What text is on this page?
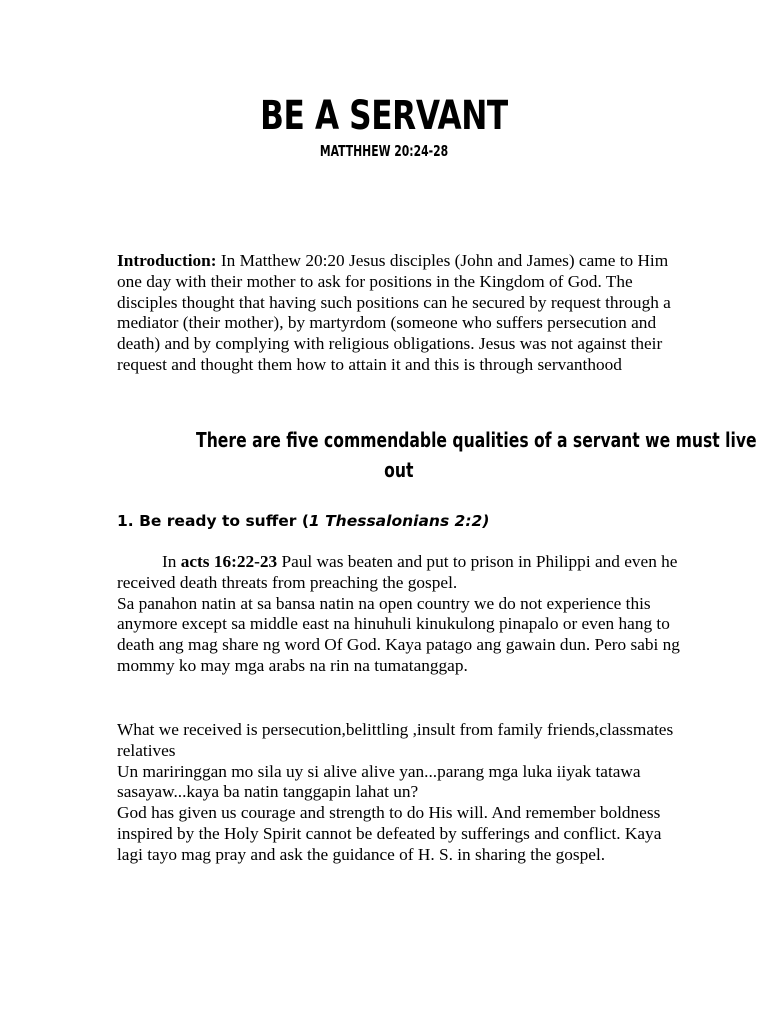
BE A SERVANT
MATTHHEW 20:24-28

Introduction: In Matthew 20:20 Jesus disciples (John and James) came to Him one day with their mother to ask for positions in the Kingdom of God. The disciples thought that having such positions can he secured by request through a mediator (their mother), by martyrdom (someone who suffers persecution and death) and by complying with religious obligations. Jesus was not against their request and thought them how to attain it and this is through servanthood

There are five commendable qualities of a servant we must live
out
1. Be ready to suffer (1 Thessalonians 2:2)

In acts 16:22-23 Paul was beaten and put to prison in Philippi and even he received death threats from preaching the gospel.
Sa panahon natin at sa bansa natin na open country we do not experience this anymore except sa middle east na hinuhuli kinukulong pinapalo or even hang to death ang mag share ng word Of God. Kaya patago ang gawain dun. Pero sabi ng mommy ko may mga arabs na rin na tumatanggap.

What we received is persecution,belittling ,insult from family friends,classmates relatives
Un mariringgan mo sila uy si alive alive yan...parang mga luka iiyak tatawa sasayaw...kaya ba natin tanggapin lahat un?
God has given us courage and strength to do His will. And remember boldness inspired by the Holy Spirit cannot be defeated by sufferings and conflict. Kaya lagi tayo mag pray and ask the guidance of H. S. in sharing the gospel.
